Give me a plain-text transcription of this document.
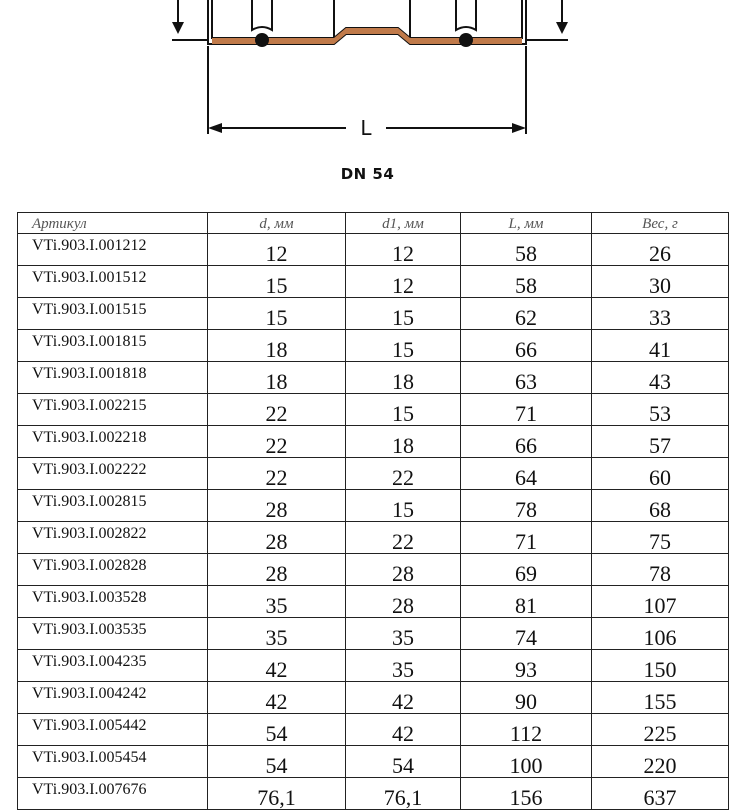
L
DN 54
Артикул	d, мм	d1, мм	L, мм	Вес, г
VTi.903.I.001212	12	12	58	26
VTi.903.I.001512	15	12	58	30
VTi.903.I.001515	15	15	62	33
VTi.903.I.001815	18	15	66	41
VTi.903.I.001818	18	18	63	43
VTi.903.I.002215	22	15	71	53
VTi.903.I.002218	22	18	66	57
VTi.903.I.002222	22	22	64	60
VTi.903.I.002815	28	15	78	68
VTi.903.I.002822	28	22	71	75
VTi.903.I.002828	28	28	69	78
VTi.903.I.003528	35	28	81	107
VTi.903.I.003535	35	35	74	106
VTi.903.I.004235	42	35	93	150
VTi.903.I.004242	42	42	90	155
VTi.903.I.005442	54	42	112	225
VTi.903.I.005454	54	54	100	220
VTi.903.I.007676	76,1	76,1	156	637
